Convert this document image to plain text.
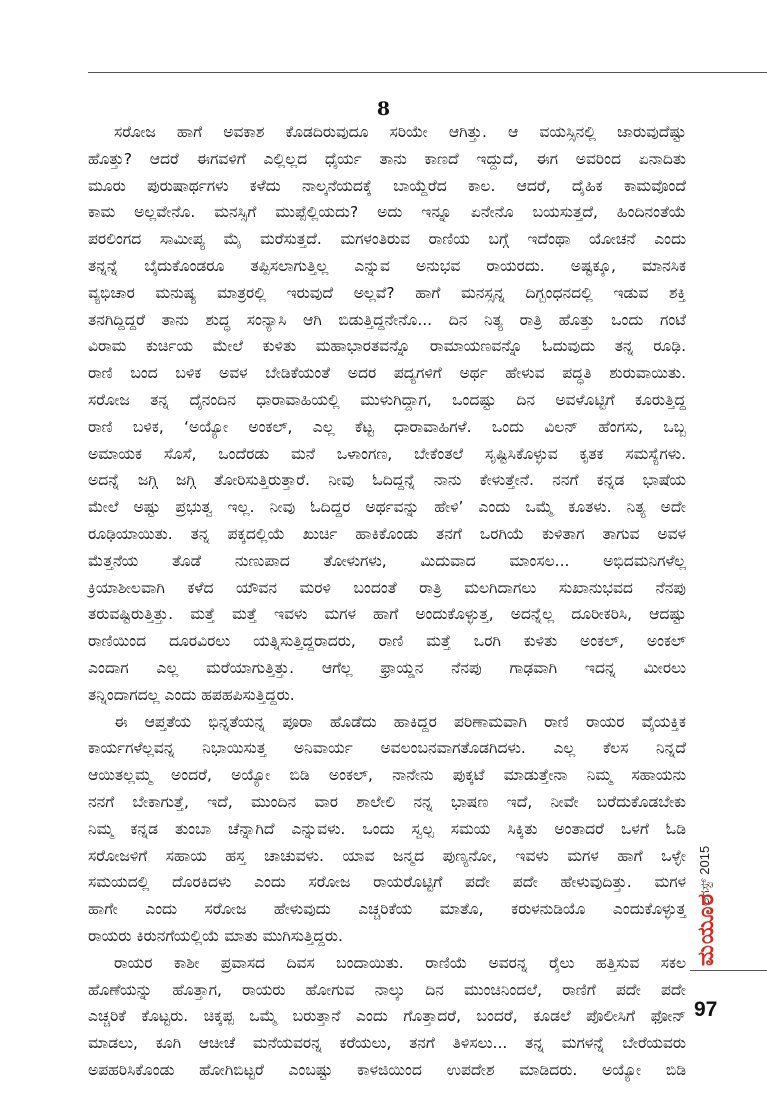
8
ಸರೋಜ ಹಾಗೆ ಅವಕಾಶ ಕೊಡದಿರುವುದೂ ಸರಿಯೇ ಆಗಿತ್ತು. ಆ ವಯಸ್ಸಿನಲ್ಲಿ ಜಾರುವುದೆಷ್ಟು
ಹೊತ್ತು? ಆದರೆ ಈಗವಳಿಗೆ ಎಲ್ಲಿಲ್ಲದ ಧೈರ್ಯ ತಾನು ಕಾಣದೆ ಇದ್ದುದೆ, ಈಗ ಅವರಿಂದ ಏನಾದಿತು
ಮೂರು ಪುರುಷಾರ್ಥಗಳು ಕಳೆದು ನಾಲ್ಕನೆಯದಕ್ಕೆ ಬಾಯ್ದೆರೆದ ಕಾಲ. ಆದರೆ, ದೈಹಿಕ ಕಾಮವೊಂದೆ
ಕಾಮ ಅಲ್ಲವೇನೊ. ಮನಸ್ಸಿಗೆ ಮುಪ್ಪೆಲ್ಲಿಯದು? ಅದು ಇನ್ನೂ ಏನೇನೊ ಬಯಸುತ್ತದೆ, ಹಿಂದಿನಂತೆಯೆ
ಪರಲಿಂಗದ ಸಾಮೀಪ್ಯ ಮೈ ಮರೆಸುತ್ತದೆ. ಮಗಳಂತಿರುವ ರಾಣಿಯ ಬಗ್ಗೆ ಇದೆಂಥಾ ಯೋಚನೆ ಎಂದು
ತನ್ನನ್ನೆ ಬೈದುಕೊಂಡರೂ ತಪ್ಪಿಸಲಾಗುತ್ತಿಲ್ಲ ಎನ್ನುವ ಅನುಭವ ರಾಯರದು. ಅಷ್ಟಕ್ಕೂ, ಮಾನಸಿಕ
ವ್ಯಭಿಚಾರ ಮನುಷ್ಯ ಮಾತ್ರರಲ್ಲಿ ಇರುವುದೆ ಅಲ್ಲವೆ? ಹಾಗೆ ಮನಸ್ಸನ್ನ ದಿಗ್ಬಂಧನದಲ್ಲಿ ಇಡುವ ಶಕ್ತಿ
ತನಗಿದ್ದಿದ್ದರೆ ತಾನು ಶುದ್ಧ ಸಂನ್ಯಾಸಿ ಆಗಿ ಬಿಡುತ್ತಿದ್ದನೇನೊ... ದಿನ ನಿತ್ಯ ರಾತ್ರಿ ಹೊತ್ತು ಒಂದು ಗಂಟೆ
ವಿರಾಮ ಕುರ್ಚಿಯ ಮೇಲೆ ಕುಳಿತು ಮಹಾಭಾರತವನ್ನೊ ರಾಮಾಯಣವನ್ನೊ ಓದುವುದು ತನ್ನ ರೂಢಿ.
ರಾಣಿ ಬಂದ ಬಳಿಕ ಅವಳ ಬೇಡಿಕೆಯಂತೆ ಅದರ ಪದ್ಯಗಳಿಗೆ ಅರ್ಥ ಹೇಳುವ ಪದ್ಧತಿ ಶುರುವಾಯಿತು.
ಸರೋಜ ತನ್ನ ದೈನಂದಿನ ಧಾರಾವಾಹಿಯಲ್ಲಿ ಮುಳುಗಿದ್ದಾಗ, ಒಂದಷ್ಟು ದಿನ ಅವಳೊಟ್ಟಿಗೆ ಕೂರುತ್ತಿದ್ದ
ರಾಣಿ ಬಳಿಕ, ‘ಅಯ್ಯೋ ಅಂಕಲ್, ಎಲ್ಲ ಕೆಟ್ಟ ಧಾರಾವಾಹಿಗಳೆ. ಒಂದು ವಿಲನ್ ಹೆಂಗಸು, ಒಬ್ಬ
ಅಮಾಯಕ ಸೊಸೆ, ಒಂದೆರಡು ಮನೆ ಒಳಾಂಗಣ, ಬೇಕೆಂತಲೆ ಸೃಷ್ಟಿಸಿಕೊಳ್ಳುವ ಕೃತಕ ಸಮಸ್ಯೆಗಳು.
ಅದನ್ನೆ ಜಗ್ಗಿ ಜಗ್ಗಿ ತೋರಿಸುತ್ತಿರುತ್ತಾರೆ. ನೀವು ಓದಿದ್ದನ್ನೆ ನಾನು ಕೇಳುತ್ತೇನೆ. ನನಗೆ ಕನ್ನಡ ಭಾಷೆಯ
ಮೇಲೆ ಅಷ್ಟು ಪ್ರಭುತ್ವ ಇಲ್ಲ. ನೀವು ಓದಿದ್ದರ ಅರ್ಥವನ್ನು ಹೇಳಿ’ ಎಂದು ಒಮ್ಮೆ ಕೂತಳು. ನಿತ್ಯ ಅದೇ
ರೂಢಿಯಾಯಿತು. ತನ್ನ ಪಕ್ಕದಲ್ಲಿಯೆ ಖುರ್ಚಿ ಹಾಕಿಕೊಂಡು ತನಗೆ ಒರಗಿಯೆ ಕುಳಿತಾಗ ತಾಗುವ ಅವಳ
ಮೆತ್ತನೆಯ ತೊಡೆ ನುಣುಪಾದ ತೋಳುಗಳು, ಮಿದುವಾದ ಮಾಂಸಲ... ಅಭಿದಮನಿಗಳೆಲ್ಲ
ಕ್ರಿಯಾಶೀಲವಾಗಿ ಕಳೆದ ಯೌವನ ಮರಳಿ ಬಂದಂತೆ ರಾತ್ರಿ ಮಲಗಿದಾಗಲು ಸುಖಾನುಭವದ ನೆನಪು
ತರುವಷ್ಟಿರುತ್ತಿತ್ತು. ಮತ್ತೆ ಮತ್ತೆ ಇವಳು ಮಗಳ ಹಾಗೆ ಅಂದುಕೊಳ್ಳುತ್ತ, ಅದನ್ನೆಲ್ಲ ದೂರೀಕರಿಸಿ, ಆದಷ್ಟು
ರಾಣಿಯಿಂದ ದೂರವಿರಲು ಯತ್ನಿಸುತ್ತಿದ್ದರಾದರು, ರಾಣಿ ಮತ್ತೆ ಒರಗಿ ಕುಳಿತು ಅಂಕಲ್, ಅಂಕಲ್
ಎಂದಾಗ ಎಲ್ಲ ಮರೆಯಾಗುತ್ತಿತ್ತು. ಆಗೆಲ್ಲ ಫ್ರಾಯ್ಡನ ನೆನಪು ಗಾಢವಾಗಿ ಇದನ್ನ ಮೀರಲು
ತನ್ನಿಂದಾಗದಲ್ಲ ಎಂದು ಹಪಹಪಿಸುತ್ತಿದ್ದರು.
ಈ ಆಪ್ತತೆಯ ಭಿನ್ನತೆಯನ್ನ ಪೂರಾ ಹೊಡೆದು ಹಾಕಿದ್ದರ ಪರಿಣಾಮವಾಗಿ ರಾಣಿ ರಾಯರ ವೈಯಕ್ತಿಕ
ಕಾರ್ಯಗಳೆಲ್ಲವನ್ನ ನಿಭಾಯಿಸುತ್ತ ಅನಿವಾರ್ಯ ಅವಲಂಬನವಾಗತೊಡಗಿದಳು. ಎಲ್ಲ ಕೆಲಸ ನಿನ್ನದೆ
ಆಯಿತಲ್ಲಮ್ಮ ಅಂದರೆ, ಅಯ್ಯೋ ಬಿಡಿ ಅಂಕಲ್, ನಾನೇನು ಪುಕ್ಕಟೆ ಮಾಡುತ್ತೇನಾ ನಿಮ್ಮ ಸಹಾಯನು
ನನಗೆ ಬೇಕಾಗುತ್ತೆ, ಇದೆ, ಮುಂದಿನ ವಾರ ಶಾಲೇಲಿ ನನ್ನ ಭಾಷಣ ಇದೆ, ನೀವೇ ಬರೆದುಕೊಡಬೇಕು
ನಿಮ್ಮ ಕನ್ನಡ ತುಂಬಾ ಚೆನ್ನಾಗಿದೆ ಎನ್ನುವಳು. ಒಂದು ಸ್ವಲ್ಪ ಸಮಯ ಸಿಕ್ಕಿತು ಅಂತಾದರೆ ಒಳಗೆ ಓಡಿ
ಸರೋಜಳಿಗೆ ಸಹಾಯ ಹಸ್ತ ಚಾಚುವಳು. ಯಾವ ಜನ್ಮದ ಪುಣ್ಯನೋ, ಇವಳು ಮಗಳ ಹಾಗೆ ಒಳ್ಳೇ
ಸಮಯದಲ್ಲಿ ದೊರಕಿದಳು ಎಂದು ಸರೋಜ ರಾಯರೊಟ್ಟಿಗೆ ಪದೇ ಪದೇ ಹೇಳುವುದಿತ್ತು. ಮಗಳ
ಹಾಗೇ ಎಂದು ಸರೋಜ ಹೇಳುವುದು ಎಚ್ಚರಿಕೆಯ ಮಾತೊ, ಕರುಳನುಡಿಯೊ ಎಂದುಕೊಳ್ಳುತ್ತ
ರಾಯರು ಕಿರುನಗೆಯಲ್ಲಿಯೆ ಮಾತು ಮುಗಿಸುತ್ತಿದ್ದರು.
ರಾಯರ ಕಾಶೀ ಪ್ರವಾಸದ ದಿವಸ ಬಂದಾಯಿತು. ರಾಣಿಯೆ ಅವರನ್ನ ರೈಲು ಹತ್ತಿಸುವ ಸಕಲ
ಹೊಣೆಯನ್ನು ಹೊತ್ತಾಗ, ರಾಯರು ಹೋಗುವ ನಾಲ್ಕು ದಿನ ಮುಂಚಿನಿಂದಲೆ, ರಾಣಿಗೆ ಪದೇ ಪದೇ
ಎಚ್ಚರಿಕೆ ಕೊಟ್ಟರು. ಚಿಕ್ಕಪ್ಪ ಒಮ್ಮೆ ಬರುತ್ತಾನೆ ಎಂದು ಗೊತ್ತಾದರೆ, ಬಂದರೆ, ಕೂಡಲೆ ಪೊಲೀಸಿಗೆ ಫೋನ್
ಮಾಡಲು, ಕೂಗಿ ಆಚೀಚೆ ಮನೆಯವರನ್ನ ಕರೆಯಲು, ತನಗೆ ತಿಳಿಸಲು... ತನ್ನ ಮಗಳನ್ನೆ ಬೇರೆಯವರು
ಅಪಹರಿಸಿಕೊಂಡು ಹೋಗಿಬಿಟ್ಟರೆ ಎಂಬಷ್ಟು ಕಾಳಜಿಯಿಂದ ಉಪದೇಶ ಮಾಡಿದರು. ಅಯ್ಯೋ ಬಿಡಿ
ಆಗಸ್ಟ್ 2015
ಮಯೂರ
97
